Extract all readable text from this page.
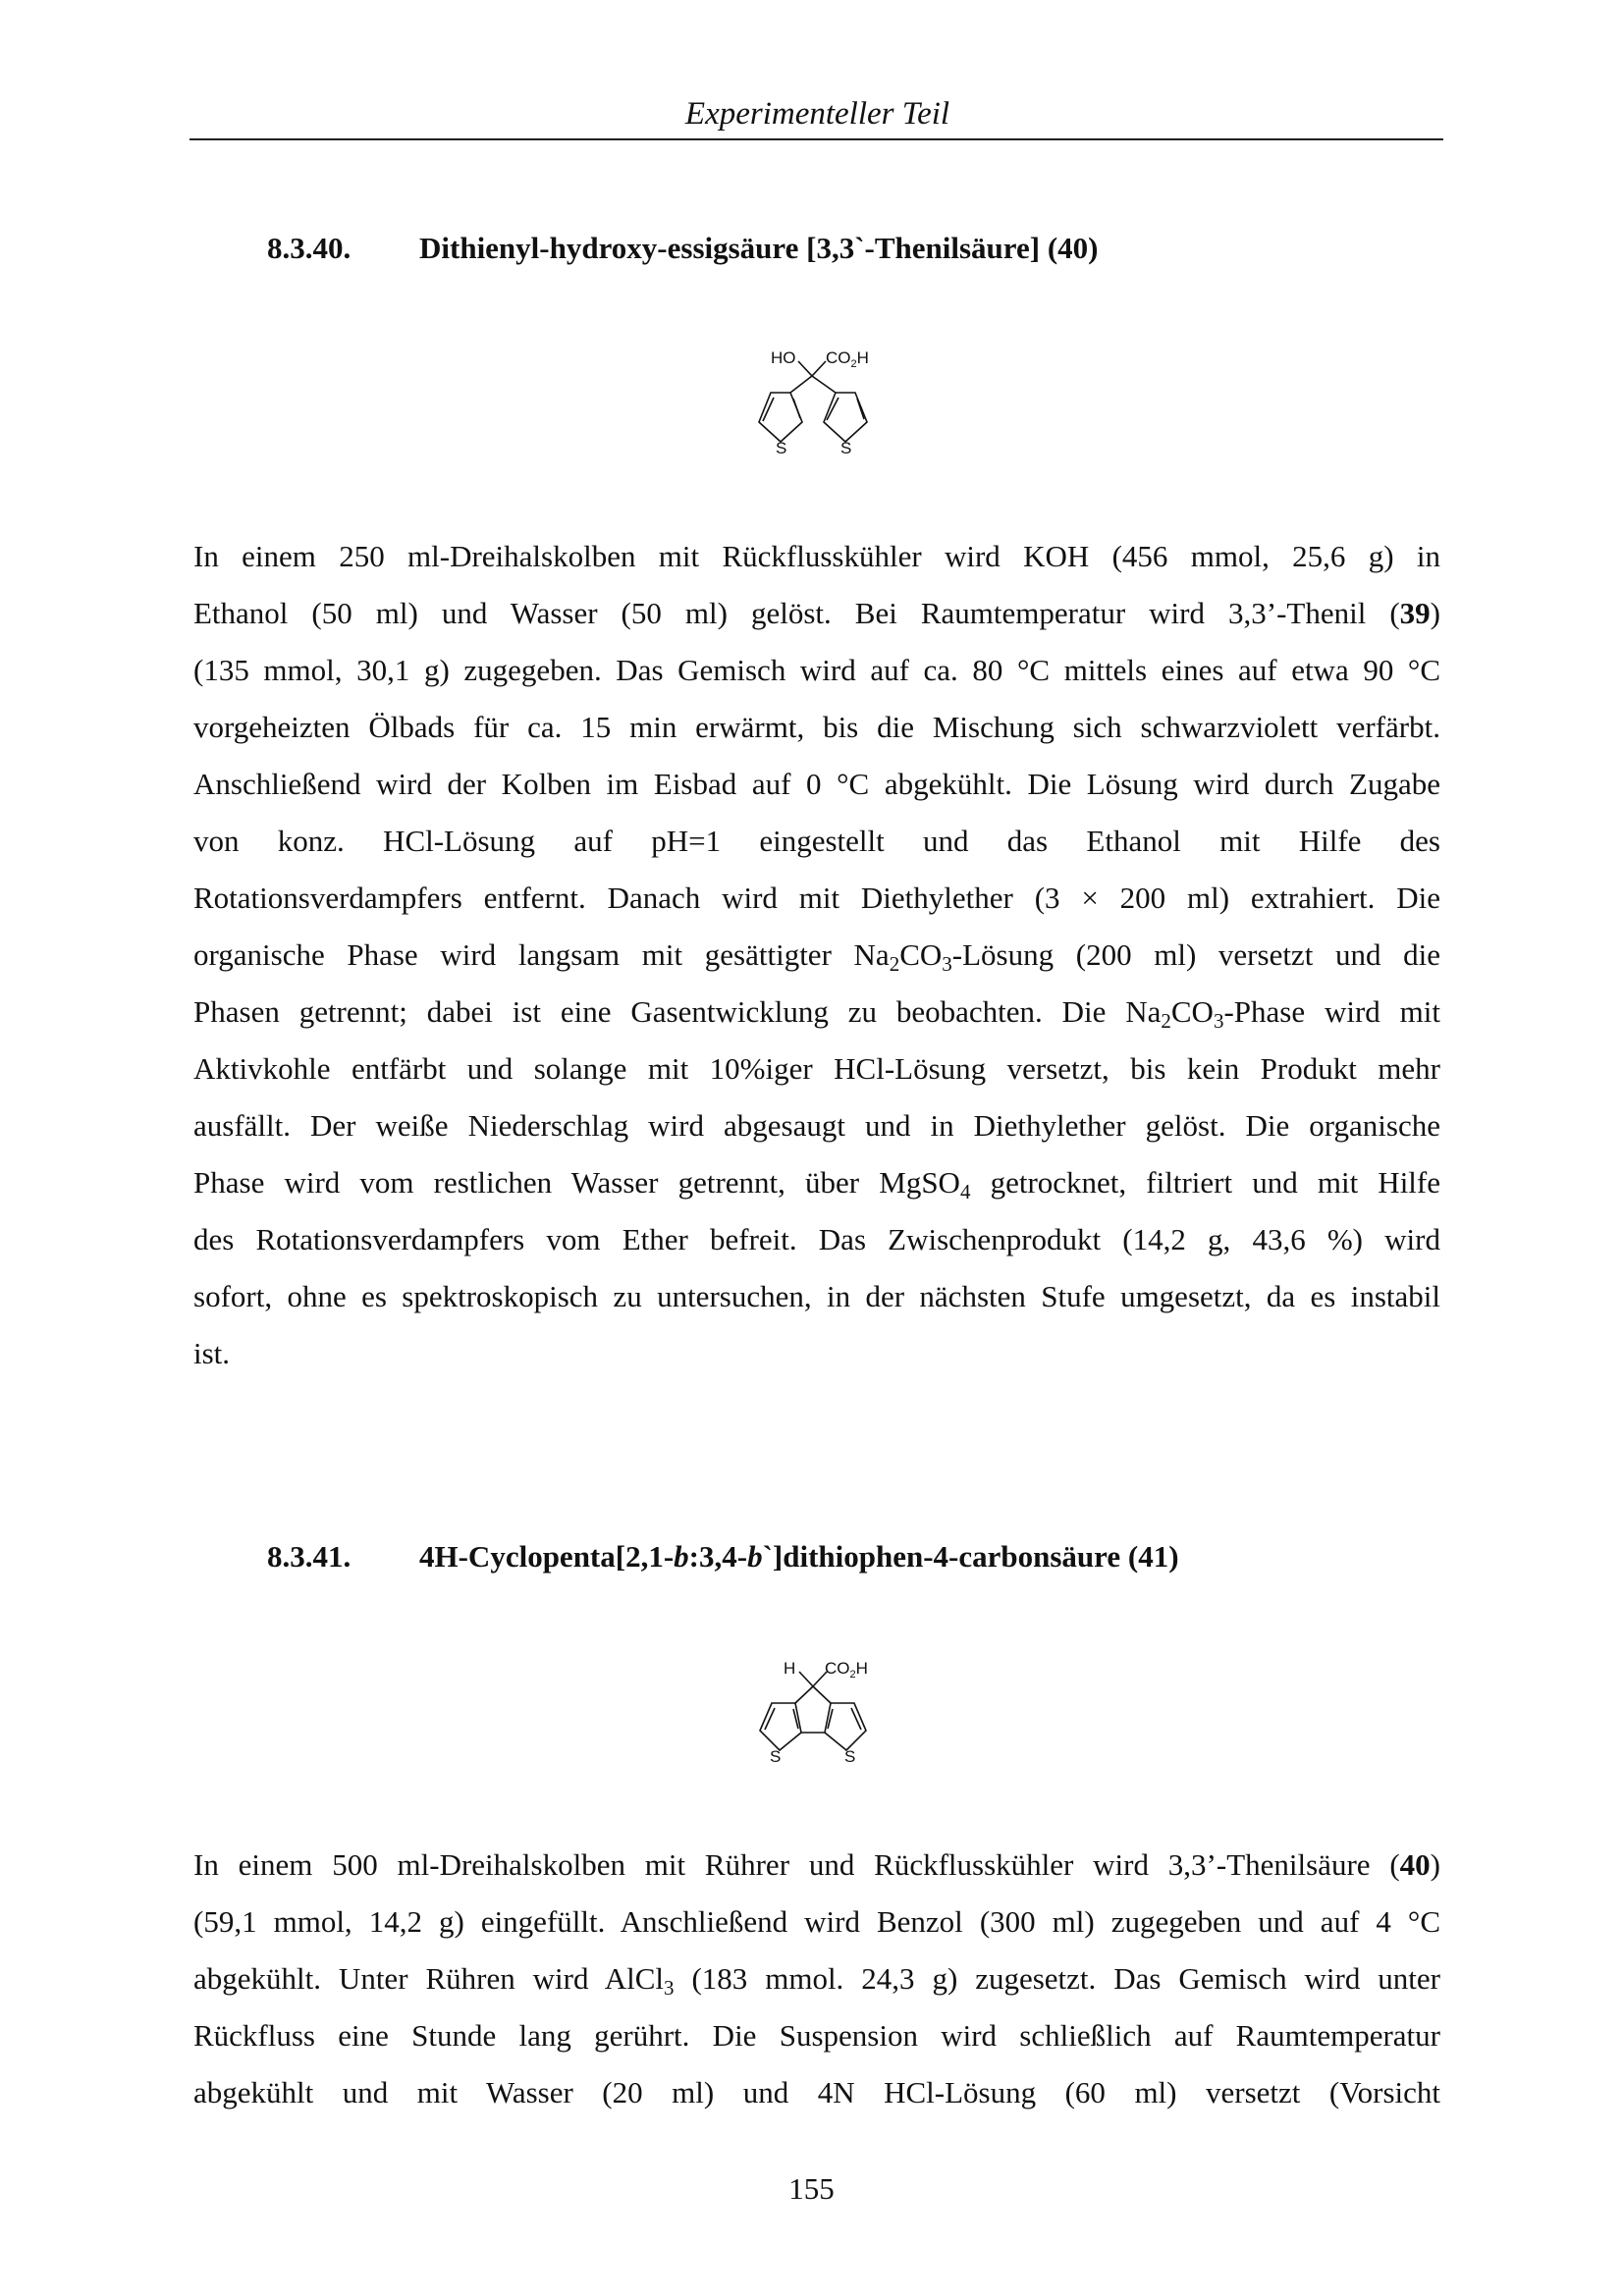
Experimenteller Teil
8.3.40. Dithienyl-hydroxy-essigsäure [3,3`-Thenilsäure] (40)
HO $CO_2H$
S	S
In einem 250 ml-Dreihalskolben mit Rückflusskühler wird KOH (456 mmol, 25,6 g) in
Ethanol (50 ml) und Wasser (50 ml) gelöst. Bei Raumtemperatur wird 3,3’-Thenil (39)
(135 mmol, 30,1 g) zugegeben. Das Gemisch wird auf ca. 80 °C mittels eines auf etwa 90 °C
vorgeheizten Ölbads für ca. 15 min erwärmt, bis die Mischung sich schwarzviolett verfärbt.
Anschließend wird der Kolben im Eisbad auf 0 °C abgekühlt. Die Lösung wird durch Zugabe
von konz. HCl-Lösung auf pH=1 eingestellt und das Ethanol mit Hilfe des
Rotationsverdampfers entfernt. Danach wird mit Diethylether (3 × 200 ml) extrahiert. Die
organische Phase wird langsam mit gesättigter $Na_2CO_3$-Lösung (200 ml) versetzt und die
Phasen getrennt; dabei ist eine Gasentwicklung zu beobachten. Die $Na_2CO_3$-Phase wird mit
Aktivkohle entfärbt und solange mit 10%iger HCl-Lösung versetzt, bis kein Produkt mehr
ausfällt. Der weiße Niederschlag wird abgesaugt und in Diethylether gelöst. Die organische
Phase wird vom restlichen Wasser getrennt, über MgSO$_4$ getrocknet, filtriert und mit Hilfe
des Rotationsverdampfers vom Ether befreit. Das Zwischenprodukt (14,2 g, 43,6 %) wird
sofort, ohne es spektroskopisch zu untersuchen, in der nächsten Stufe umgesetzt, da es instabil
ist.
8.3.41. 4H-Cyclopenta[2,1-b:3,4-b`]dithiophen-4-carbonsäure (41)
H $CO_2H$
S	S
In einem 500 ml-Dreihalskolben mit Rührer und Rückflusskühler wird 3,3’-Thenilsäure (40)
(59,1 mmol, 14,2 g) eingefüllt. Anschließend wird Benzol (300 ml) zugegeben und auf 4 °C
abgekühlt. Unter Rühren wird AlCl$_3$ (183 mmol. 24,3 g) zugesetzt. Das Gemisch wird unter
Rückfluss eine Stunde lang gerührt. Die Suspension wird schließlich auf Raumtemperatur
abgekühlt und mit Wasser (20 ml) und 4N HCl-Lösung (60 ml) versetzt (Vorsicht
155
